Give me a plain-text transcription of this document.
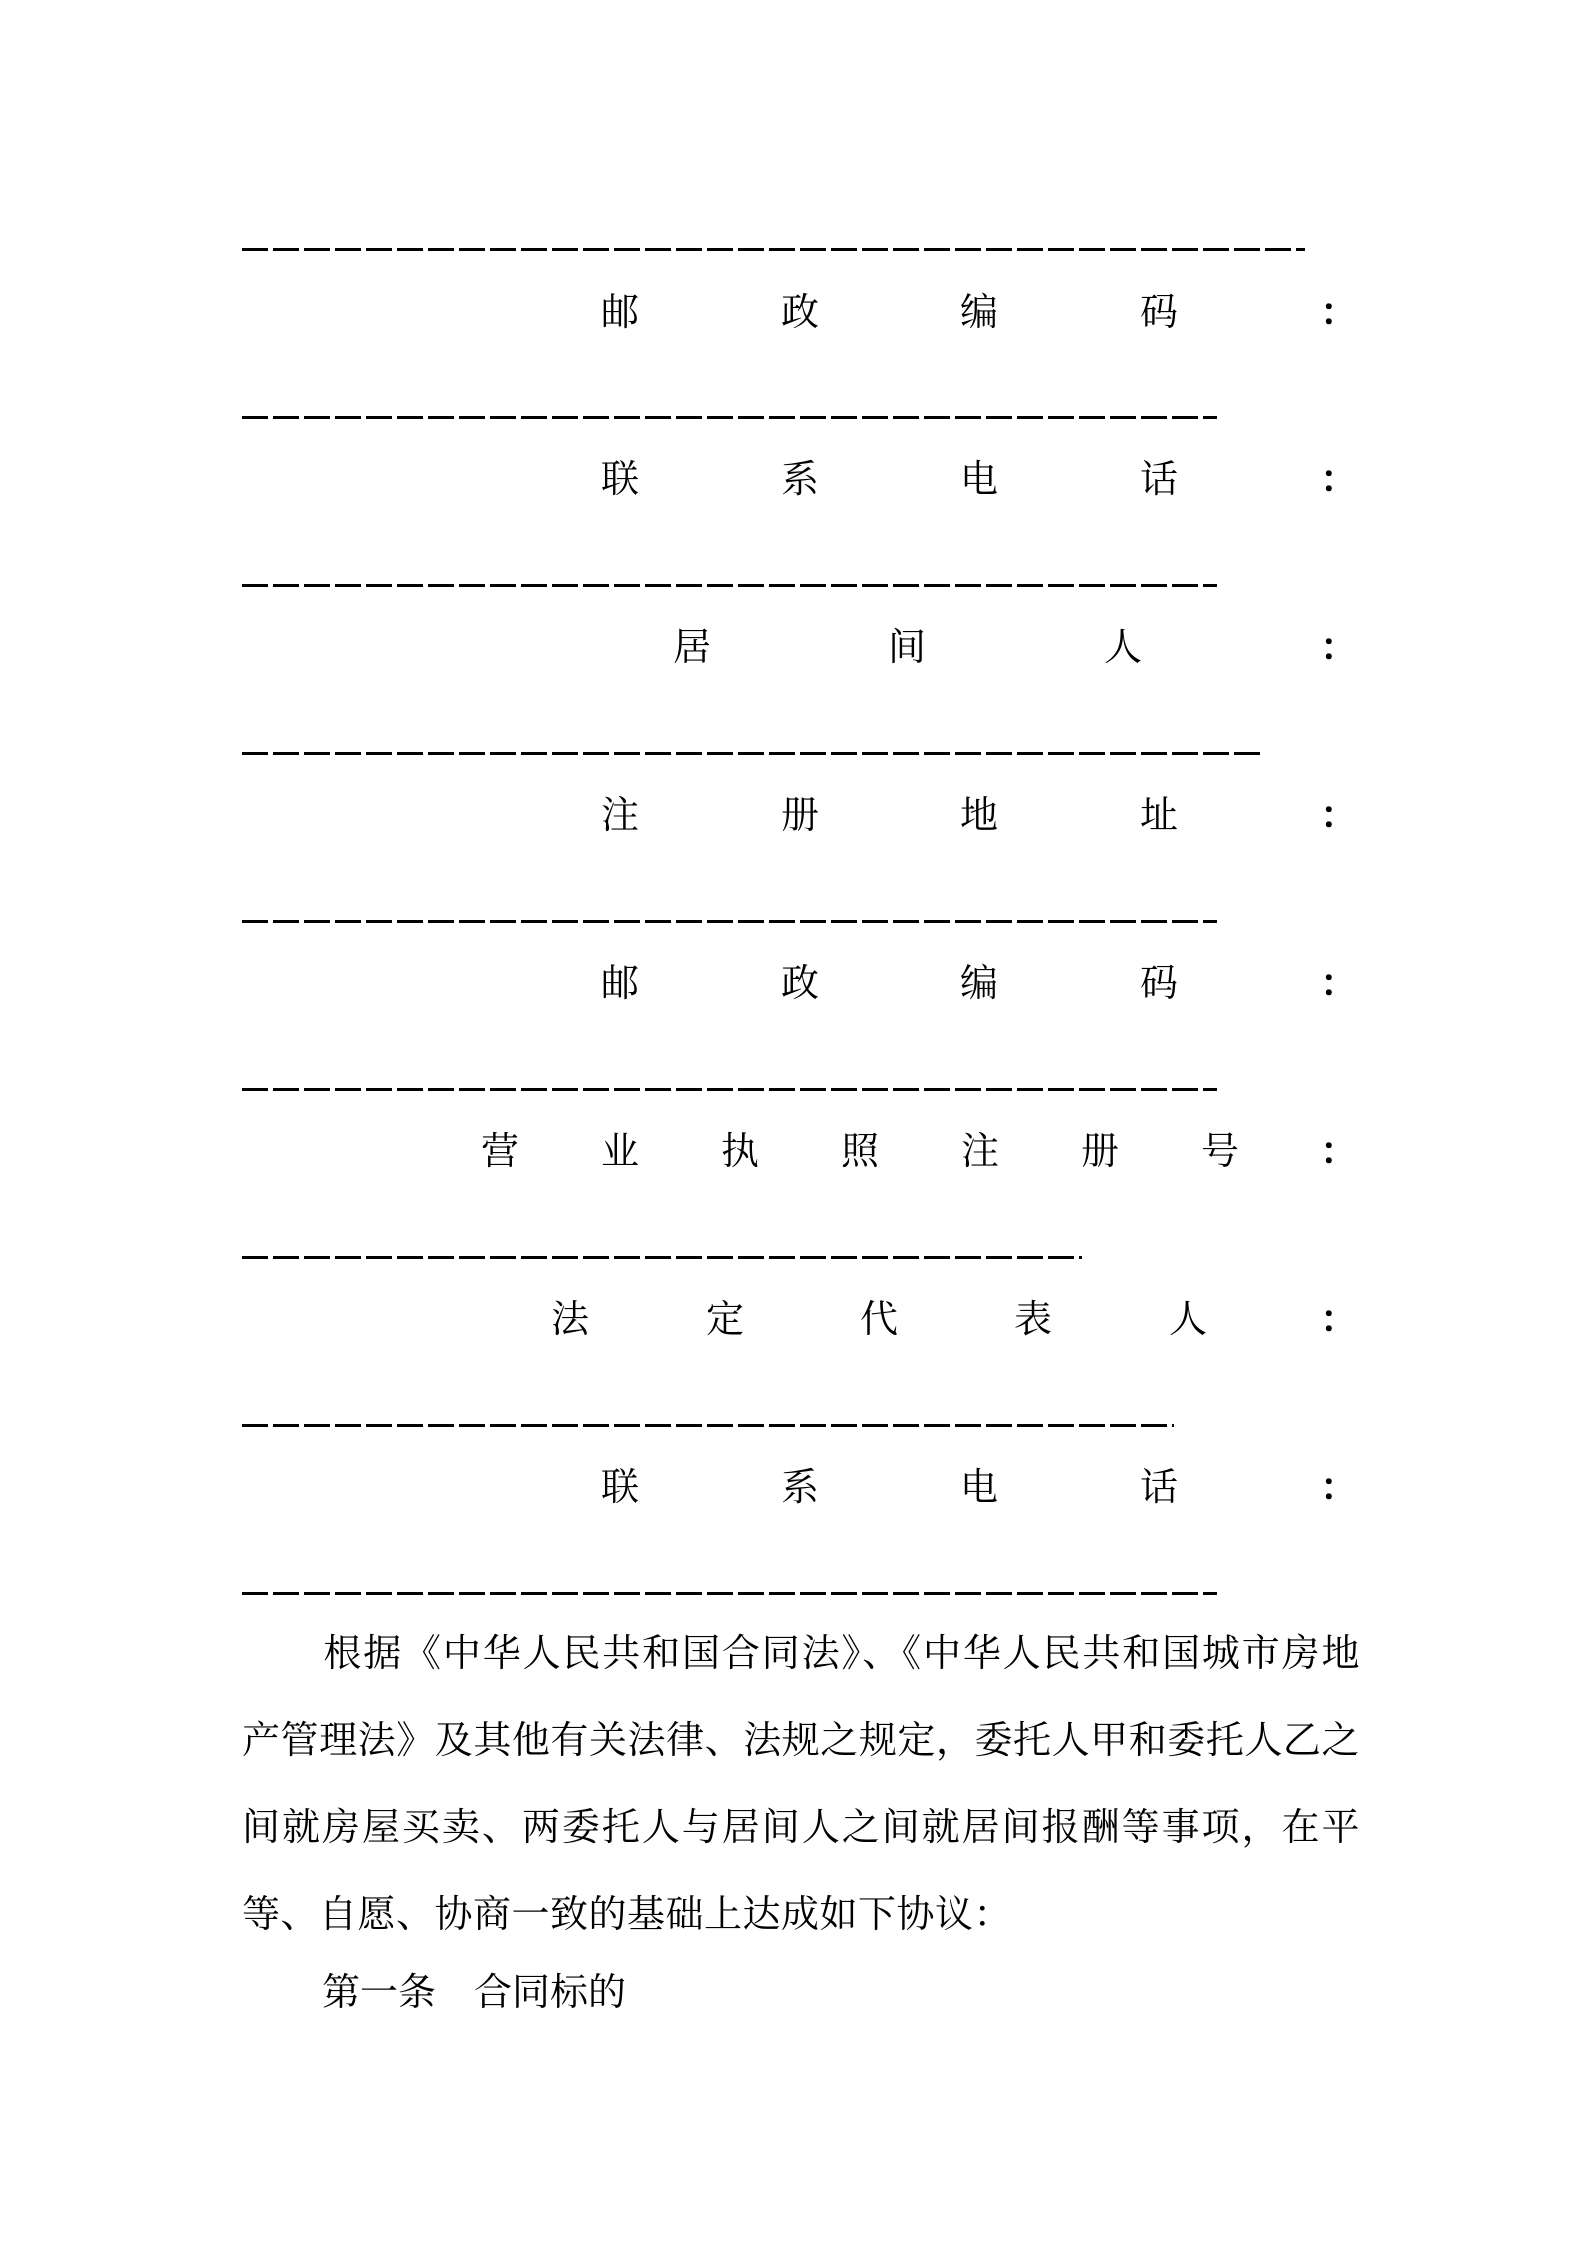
邮	政	编	码	：
联	系	电	话	：
居	间	人	：
注	册	地	址	：
邮	政	编	码	：
营 业 执 照 注 册 号 ：
法	定	代	表	人	：
联	系	电	话	：

根据《中华人民共和国合同法》、《中华人民共和国城市房地产管理法》及其他有关法律、法规之规定，委托人甲和委托人乙之间就房屋买卖、两委托人与居间人之间就居间报酬等事项，在平等、自愿、协商一致的基础上达成如下协议：

第一条　合同标的
